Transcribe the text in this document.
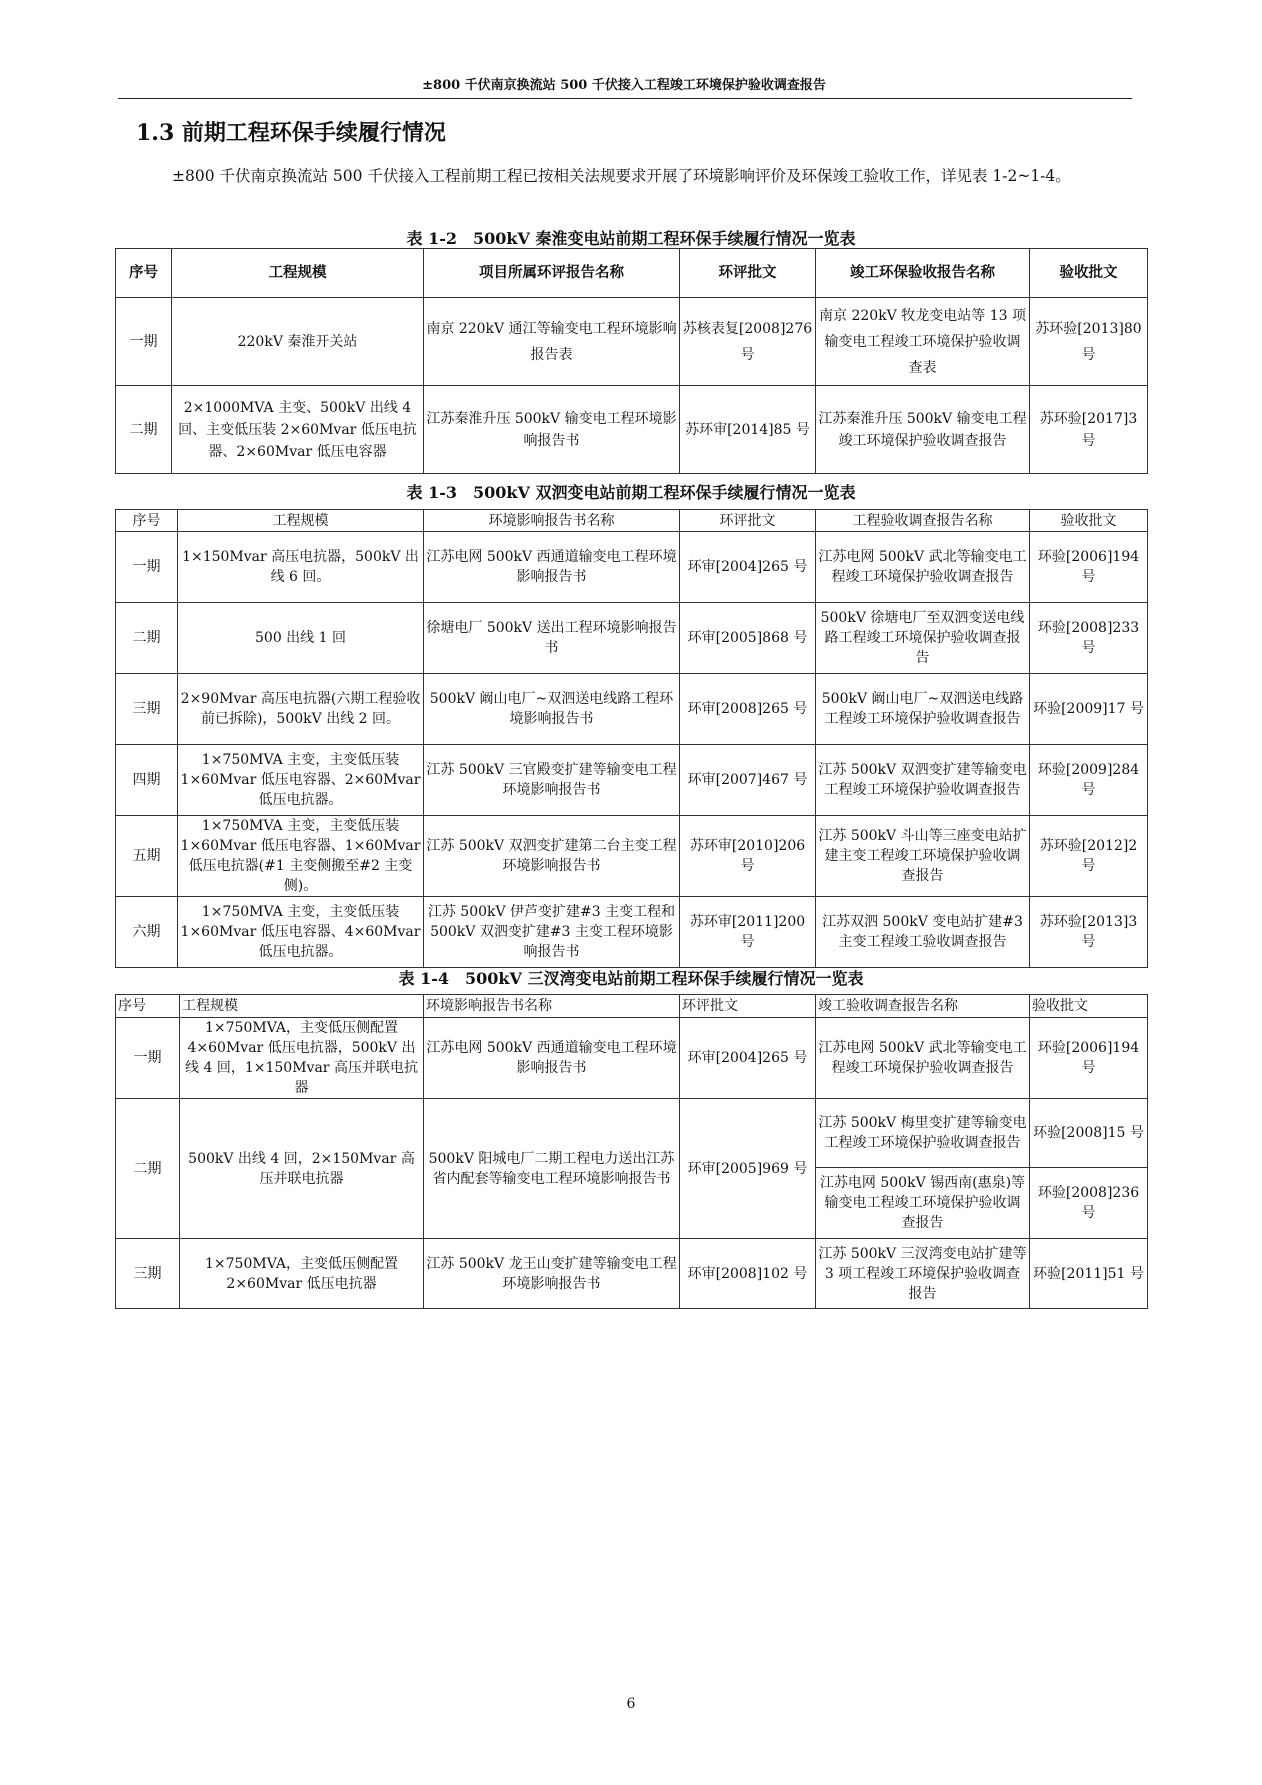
±800 千伏南京换流站 500 千伏接入工程竣工环境保护验收调查报告
1.3 前期工程环保手续履行情况
±800 千伏南京换流站 500 千伏接入工程前期工程已按相关法规要求开展了环境影响评价及环保竣工验收工作，详见表 1-2~1-4。
表 1-2　500kV 秦淮变电站前期工程环保手续履行情况一览表
序号	工程规模	项目所属环评报告名称	环评批文	竣工环保验收报告名称	验收批文
一期	220kV 秦淮开关站	南京 220kV 通江等输变电工程环境影响报告表	苏核表复[2008]276 号	南京 220kV 牧龙变电站等 13 项输变电工程竣工环境保护验收调查表	苏环验[2013]80 号
二期	2×1000MVA 主变、500kV 出线 4 回、主变低压装 2×60Mvar 低压电抗器、2×60Mvar 低压电容器	江苏秦淮升压 500kV 输变电工程环境影响报告书	苏环审[2014]85 号	江苏秦淮升压 500kV 输变电工程竣工环境保护验收调查报告	苏环验[2017]3 号
表 1-3　500kV 双泗变电站前期工程环保手续履行情况一览表
序号	工程规模	环境影响报告书名称	环评批文	工程验收调查报告名称	验收批文
一期	1×150Mvar 高压电抗器，500kV 出线 6 回。	江苏电网 500kV 西通道输变电工程环境影响报告书	环审[2004]265 号	江苏电网 500kV 武北等输变电工程竣工环境保护验收调查报告	环验[2006]194 号
二期	500 出线 1 回	徐塘电厂 500kV 送出工程环境影响报告书	环审[2005]868 号	500kV 徐塘电厂至双泗变送电线路工程竣工环境保护验收调查报告	环验[2008]233 号
三期	2×90Mvar 高压电抗器(六期工程验收前已拆除)，500kV 出线 2 回。	500kV 阚山电厂~双泗送电线路工程环境影响报告书	环审[2008]265 号	500kV 阚山电厂~双泗送电线路工程竣工环境保护验收调查报告	环验[2009]17 号
四期	1×750MVA 主变，主变低压装 1×60Mvar 低压电容器、2×60Mvar 低压电抗器。	江苏 500kV 三官殿变扩建等输变电工程环境影响报告书	环审[2007]467 号	江苏 500kV 双泗变扩建等输变电工程竣工环境保护验收调查报告	环验[2009]284 号
五期	1×750MVA 主变，主变低压装 1×60Mvar 低压电容器、1×60Mvar 低压电抗器(#1 主变侧搬至#2 主变侧)。	江苏 500kV 双泗变扩建第二台主变工程环境影响报告书	苏环审[2010]206 号	江苏 500kV 斗山等三座变电站扩建主变工程竣工环境保护验收调查报告	苏环验[2012]2 号
六期	1×750MVA 主变，主变低压装 1×60Mvar 低压电容器、4×60Mvar 低压电抗器。	江苏 500kV 伊芦变扩建#3 主变工程和 500kV 双泗变扩建#3 主变工程环境影响报告书	苏环审[2011]200 号	江苏双泗 500kV 变电站扩建#3 主变工程竣工验收调查报告	苏环验[2013]3 号
表 1-4　500kV 三汊湾变电站前期工程环保手续履行情况一览表
序号	工程规模	环境影响报告书名称	环评批文	竣工验收调查报告名称	验收批文
一期	1×750MVA，主变低压侧配置 4×60Mvar 低压电抗器，500kV 出线 4 回，1×150Mvar 高压并联电抗器	江苏电网 500kV 西通道输变电工程环境影响报告书	环审[2004]265 号	江苏电网 500kV 武北等输变电工程竣工环境保护验收调查报告	环验[2006]194 号
二期	500kV 出线 4 回，2×150Mvar 高压并联电抗器	500kV 阳城电厂二期工程电力送出江苏省内配套等输变电工程环境影响报告书	环审[2005]969 号	江苏 500kV 梅里变扩建等输变电工程竣工环境保护验收调查报告	环验[2008]15 号
				江苏电网 500kV 锡西南(惠泉)等输变电工程竣工环境保护验收调查报告	环验[2008]236 号
三期	1×750MVA，主变低压侧配置 2×60Mvar 低压电抗器	江苏 500kV 龙王山变扩建等输变电工程环境影响报告书	环审[2008]102 号	江苏 500kV 三汊湾变电站扩建等 3 项工程竣工环境保护验收调查报告	环验[2011]51 号
6
